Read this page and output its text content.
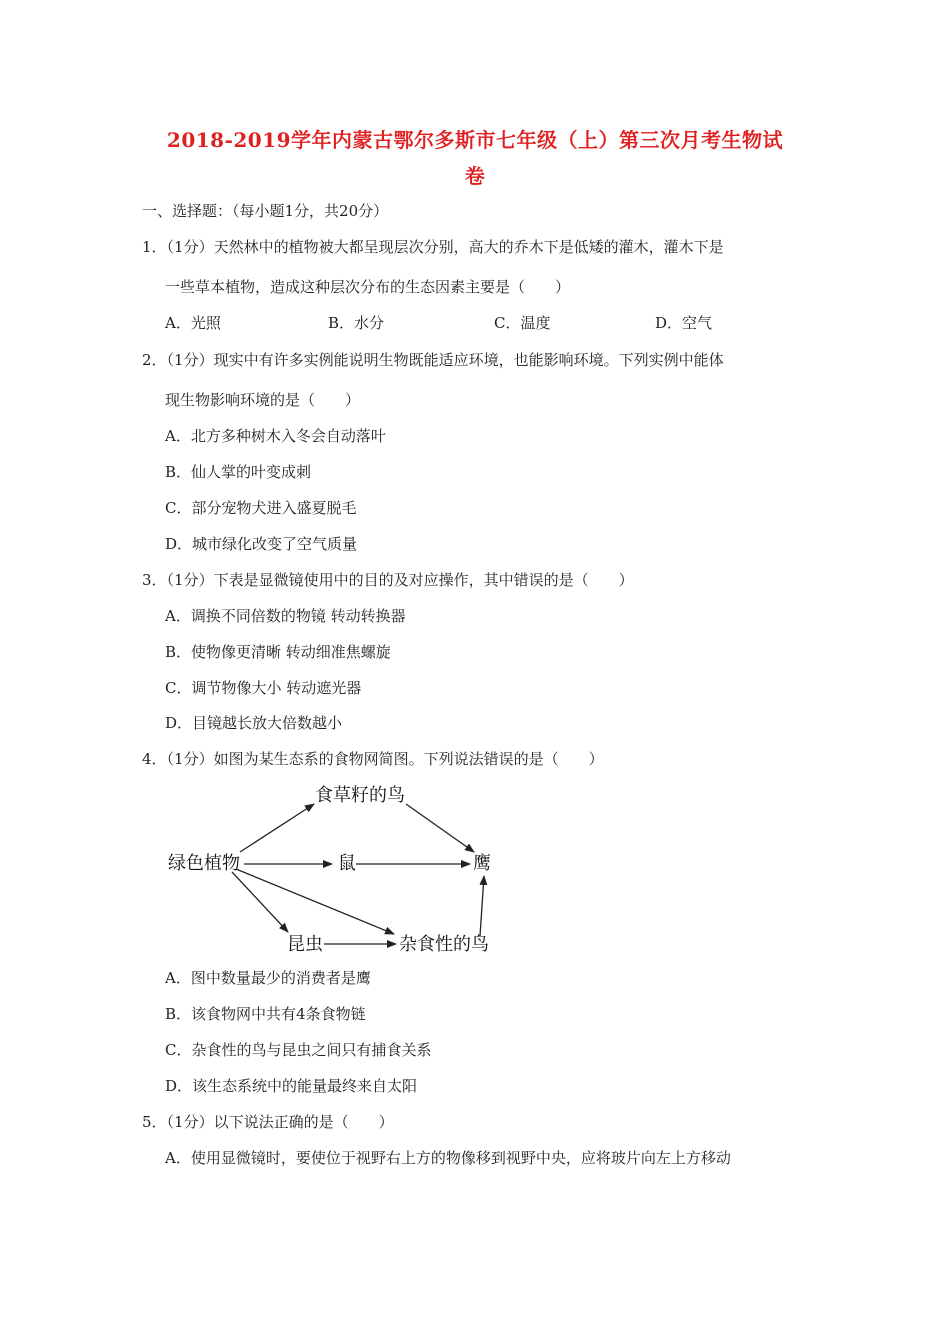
2018-2019学年内蒙古鄂尔多斯市七年级（上）第三次月考生物试
卷
一、选择题：（每小题1分，共20分）
1．（1分）天然林中的植物被大都呈现层次分别，高大的乔木下是低矮的灌木，灌木下是
一些草本植物，造成这种层次分布的生态因素主要是（　　）
A．光照	B．水分	C．温度	D．空气
2．（1分）现实中有许多实例能说明生物既能适应环境，也能影响环境。下列实例中能体
现生物影响环境的是（　　）
A．北方多种树木入冬会自动落叶
B．仙人掌的叶变成刺
C．部分宠物犬进入盛夏脱毛
D．城市绿化改变了空气质量
3．（1分）下表是显微镜使用中的目的及对应操作，其中错误的是（　　）
A．调换不同倍数的物镜 转动转换器
B．使物像更清晰 转动细准焦螺旋
C．调节物像大小 转动遮光器
D．目镜越长放大倍数越小
4．（1分）如图为某生态系的食物网简图。下列说法错误的是（　　）
绿色植物
食草籽的鸟
鼠	鹰
昆虫	杂食性的鸟
A．图中数量最少的消费者是鹰
B．该食物网中共有4条食物链
C．杂食性的鸟与昆虫之间只有捕食关系
D．该生态系统中的能量最终来自太阳
5．（1分）以下说法正确的是（　　）
A．使用显微镜时，要使位于视野右上方的物像移到视野中央，应将玻片向左上方移动
